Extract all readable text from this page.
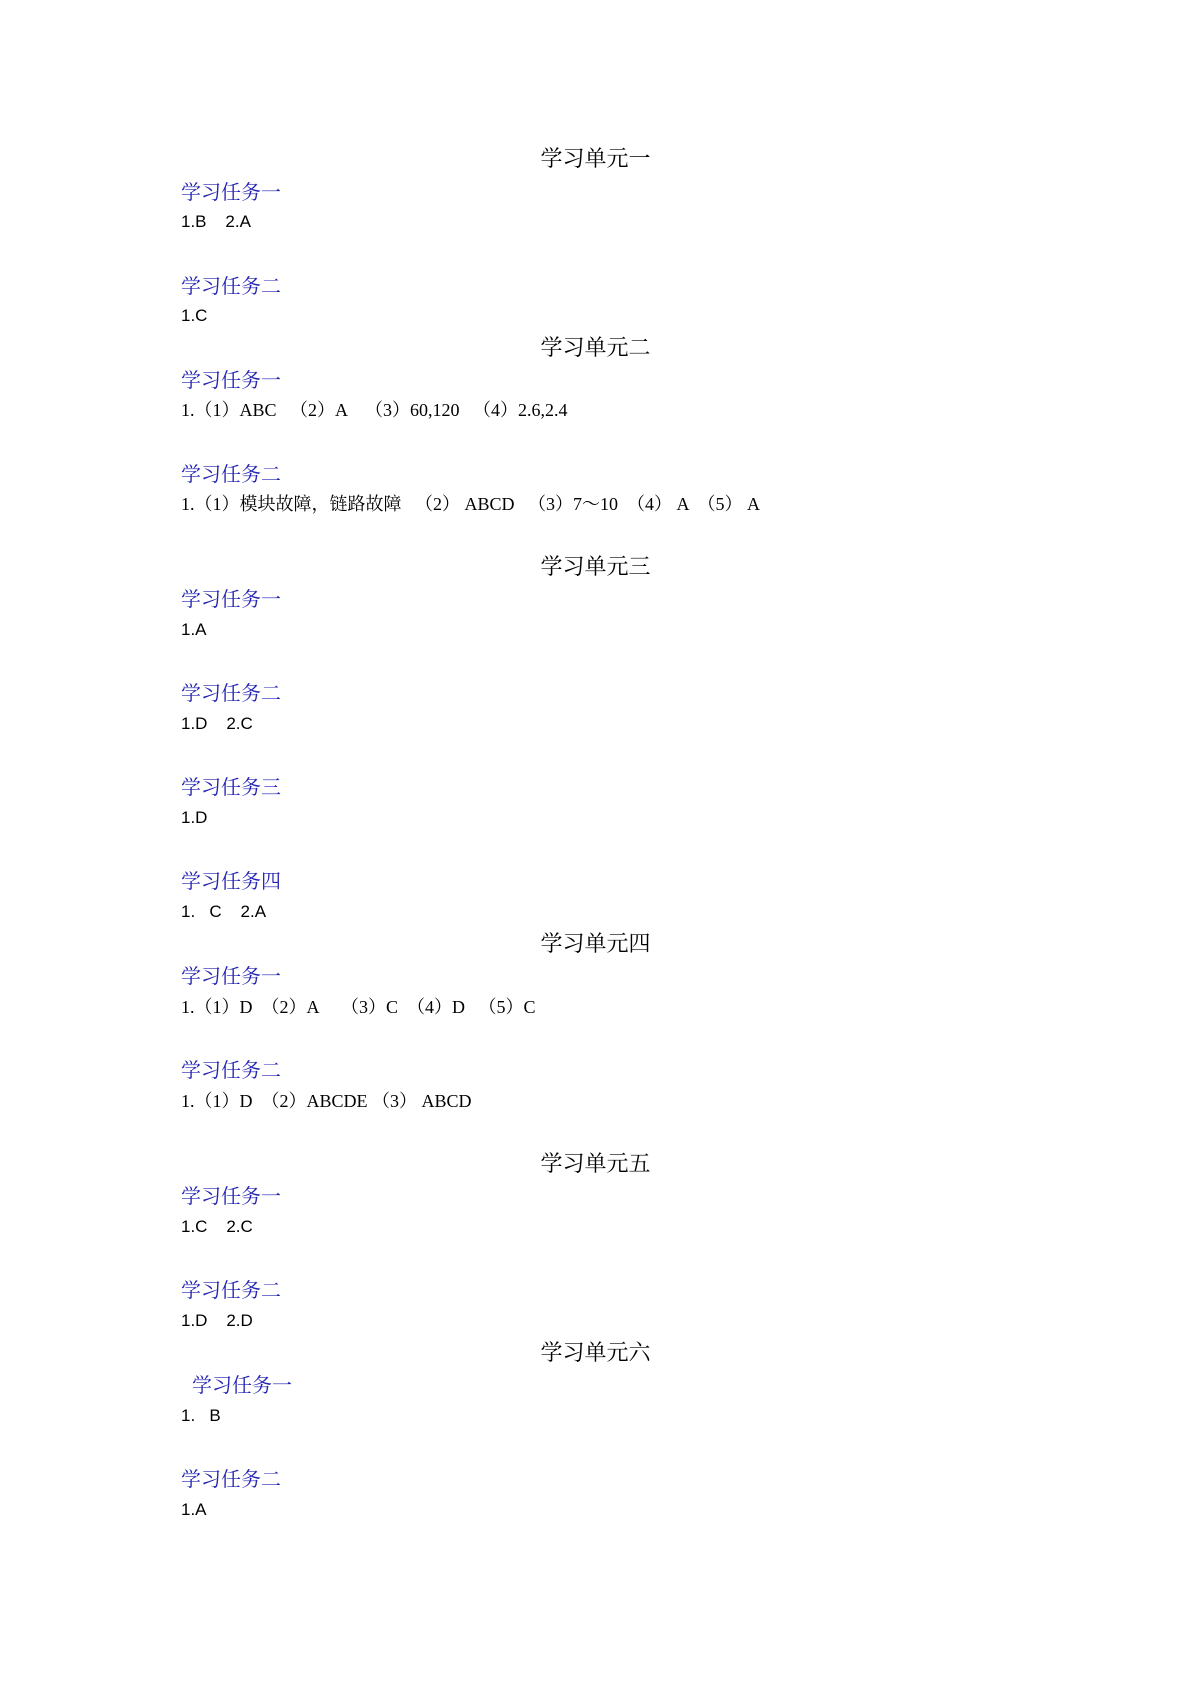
学习单元一
学习任务一
1.B    2.A
学习任务二
1.C
学习单元二
学习任务一
1.（1）ABC   （2）A    （3）60,120   （4）2.6,2.4
学习任务二
1.（1）模块故障，链路故障   （2） ABCD   （3）7～10  （4） A  （5） A
学习单元三
学习任务一
1.A
学习任务二
1.D    2.C
学习任务三
1.D
学习任务四
1.   C    2.A
学习单元四
学习任务一
1.（1）D  （2）A     （3）C  （4）D   （5）C
学习任务二
1.（1）D  （2）ABCDE （3） ABCD
学习单元五
学习任务一
1.C    2.C
学习任务二
1.D    2.D
学习单元六
学习任务一
1.   B
学习任务二
1.A
